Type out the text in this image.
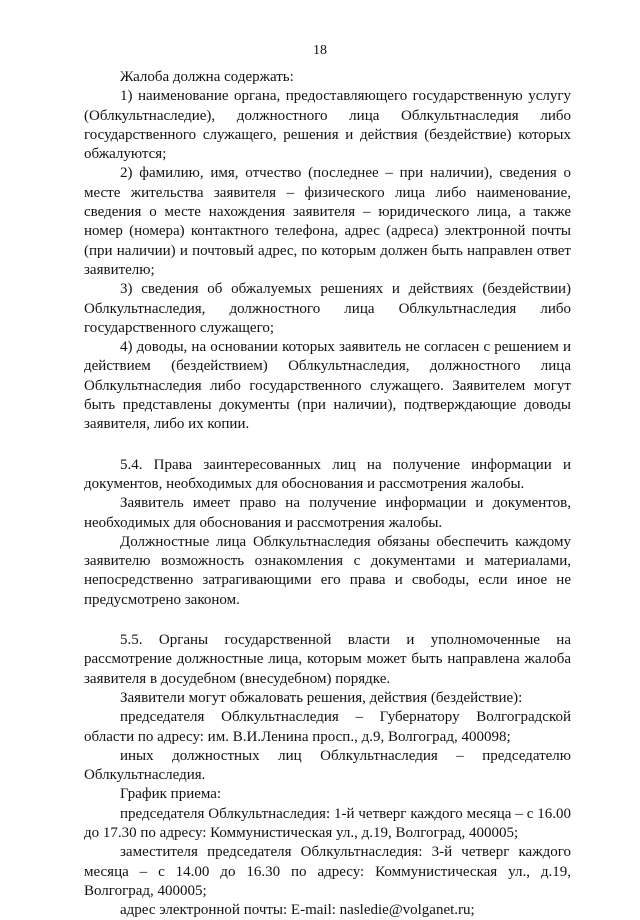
18

Жалоба должна содержать:

1) наименование органа, предоставляющего государственную услугу (Облкультнаследие), должностного лица Облкультнаследия либо государственного служащего, решения и действия (бездействие) которых обжалуются;

2) фамилию, имя, отчество (последнее – при наличии), сведения о месте жительства заявителя – физического лица либо наименование, сведения о месте нахождения заявителя – юридического лица, а также номер (номера) контактного телефона, адрес (адреса) электронной почты (при наличии) и почтовый адрес, по которым должен быть направлен ответ заявителю;

3) сведения об обжалуемых решениях и действиях (бездействии) Облкультнаследия, должностного лица Облкультнаследия либо государственного служащего;

4) доводы, на основании которых заявитель не согласен с решением и действием (бездействием) Облкультнаследия, должностного лица Облкультнаследия либо государственного служащего. Заявителем могут быть представлены документы (при наличии), подтверждающие доводы заявителя, либо их копии.

5.4. Права заинтересованных лиц на получение информации и документов, необходимых для обоснования и рассмотрения жалобы.

Заявитель имеет право на получение информации и документов, необходимых для обоснования и рассмотрения жалобы.

Должностные лица Облкультнаследия обязаны обеспечить каждому заявителю возможность ознакомления с документами и материалами, непосредственно затрагивающими его права и свободы, если иное не предусмотрено законом.

5.5. Органы государственной власти и уполномоченные на рассмотрение должностные лица, которым может быть направлена жалоба заявителя в досудебном (внесудебном) порядке.

Заявители могут обжаловать решения, действия (бездействие):

председателя Облкультнаследия – Губернатору Волгоградской области по адресу: им. В.И.Ленина просп., д.9, Волгоград, 400098;

иных должностных лиц Облкультнаследия – председателю Облкультнаследия.

График приема:

председателя Облкультнаследия: 1-й четверг каждого месяца – с 16.00 до 17.30 по адресу: Коммунистическая ул., д.19, Волгоград, 400005;

заместителя председателя Облкультнаследия: 3-й четверг каждого месяца – с 14.00 до 16.30 по адресу: Коммунистическая ул., д.19, Волгоград, 400005;

адрес электронной почты: E-mail: nasledie@volganet.ru;
